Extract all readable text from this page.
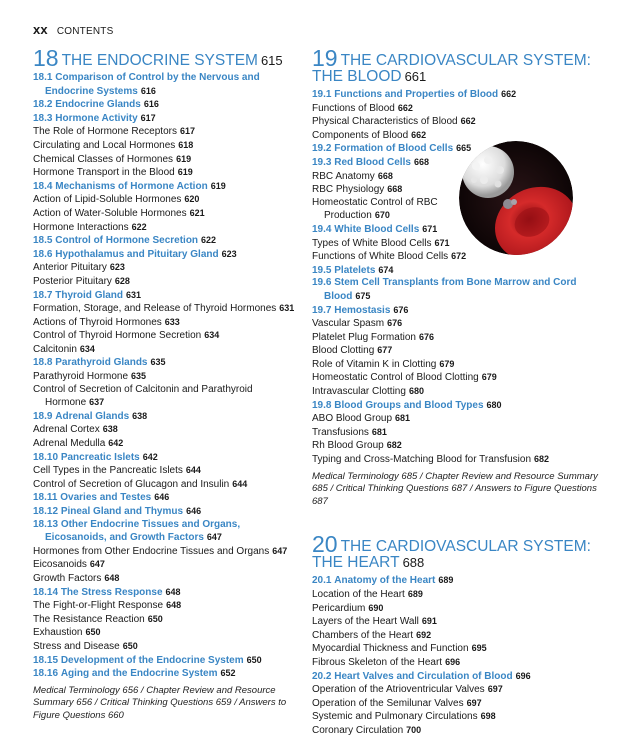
xx CONTENTS
18 THE ENDOCRINE SYSTEM 615
18.1 Comparison of Control by the Nervous and Endocrine Systems 616
18.2 Endocrine Glands 616
18.3 Hormone Activity 617
The Role of Hormone Receptors 617
Circulating and Local Hormones 618
Chemical Classes of Hormones 619
Hormone Transport in the Blood 619
18.4 Mechanisms of Hormone Action 619
Action of Lipid-Soluble Hormones 620
Action of Water-Soluble Hormones 621
Hormone Interactions 622
18.5 Control of Hormone Secretion 622
18.6 Hypothalamus and Pituitary Gland 623
Anterior Pituitary 623
Posterior Pituitary 628
18.7 Thyroid Gland 631
Formation, Storage, and Release of Thyroid Hormones 631
Actions of Thyroid Hormones 633
Control of Thyroid Hormone Secretion 634
Calcitonin 634
18.8 Parathyroid Glands 635
Parathyroid Hormone 635
Control of Secretion of Calcitonin and Parathyroid Hormone 637
18.9 Adrenal Glands 638
Adrenal Cortex 638
Adrenal Medulla 642
18.10 Pancreatic Islets 642
Cell Types in the Pancreatic Islets 644
Control of Secretion of Glucagon and Insulin 644
18.11 Ovaries and Testes 646
18.12 Pineal Gland and Thymus 646
18.13 Other Endocrine Tissues and Organs, Eicosanoids, and Growth Factors 647
Hormones from Other Endocrine Tissues and Organs 647
Eicosanoids 647
Growth Factors 648
18.14 The Stress Response 648
The Fight-or-Flight Response 648
The Resistance Reaction 650
Exhaustion 650
Stress and Disease 650
18.15 Development of the Endocrine System 650
18.16 Aging and the Endocrine System 652
Medical Terminology 656 / Chapter Review and Resource Summary 656 / Critical Thinking Questions 659 / Answers to Figure Questions 660
19 THE CARDIOVASCULAR SYSTEM: THE BLOOD 661
19.1 Functions and Properties of Blood 662
Functions of Blood 662
Physical Characteristics of Blood 662
Components of Blood 662
19.2 Formation of Blood Cells 665
19.3 Red Blood Cells 668
RBC Anatomy 668
RBC Physiology 668
Homeostatic Control of RBC Production 670
19.4 White Blood Cells 671
Types of White Blood Cells 671
Functions of White Blood Cells 672
19.5 Platelets 674
19.6 Stem Cell Transplants from Bone Marrow and Cord Blood 675
19.7 Hemostasis 676
Vascular Spasm 676
Platelet Plug Formation 676
Blood Clotting 677
Role of Vitamin K in Clotting 679
Homeostatic Control of Blood Clotting 679
Intravascular Clotting 680
19.8 Blood Groups and Blood Types 680
ABO Blood Group 681
Transfusions 681
Rh Blood Group 682
Typing and Cross-Matching Blood for Transfusion 682
Medical Terminology 685 / Chapter Review and Resource Summary 685 / Critical Thinking Questions 687 / Answers to Figure Questions 687
20 THE CARDIOVASCULAR SYSTEM: THE HEART 688
20.1 Anatomy of the Heart 689
Location of the Heart 689
Pericardium 690
Layers of the Heart Wall 691
Chambers of the Heart 692
Myocardial Thickness and Function 695
Fibrous Skeleton of the Heart 696
20.2 Heart Valves and Circulation of Blood 696
Operation of the Atrioventricular Valves 697
Operation of the Semilunar Valves 697
Systemic and Pulmonary Circulations 698
Coronary Circulation 700
